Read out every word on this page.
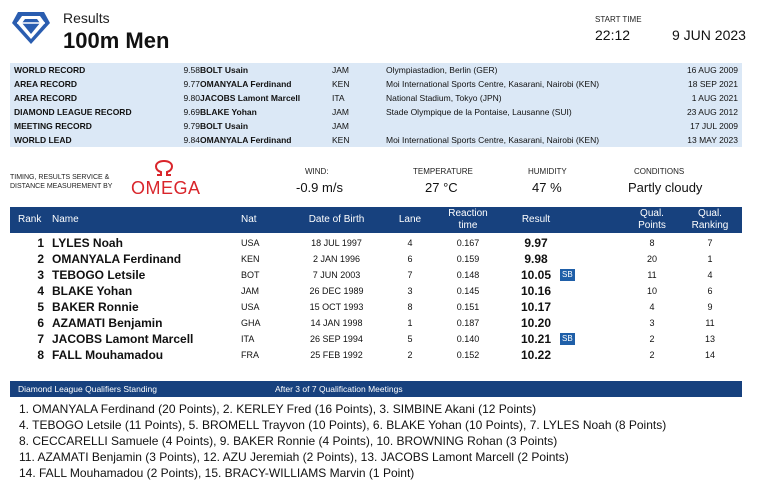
Results
100m Men
START TIME
22:12	9 JUN 2023
WORLD RECORD	9.58 BOLT Usain	JAM	Olympiastadion, Berlin (GER)	16 AUG 2009
AREA RECORD	9.77 OMANYALA Ferdinand	KEN	Moi International Sports Centre, Kasarani, Nairobi (KEN)	18 SEP 2021
AREA RECORD	9.80 JACOBS Lamont Marcell	ITA	National Stadium, Tokyo (JPN)	1 AUG 2021
DIAMOND LEAGUE RECORD	9.69 BLAKE Yohan	JAM	Stade Olympique de la Pontaise, Lausanne (SUI)	23 AUG 2012
MEETING RECORD	9.79 BOLT Usain	JAM	17 JUL 2009
WORLD LEAD	9.84 OMANYALA Ferdinand	KEN	Moi International Sports Centre, Kasarani, Nairobi (KEN)	13 MAY 2023
TIMING, RESULTS SERVICE &
DISTANCE MEASUREMENT BY	OMEGA
WIND:
-0.9 m/s
TEMPERATURE
27 °C
HUMIDITY
47 %
CONDITIONS
Partly cloudy
Rank Name	Nat	Date of Birth	Lane
Reaction
time
Result
Qual.
Points
Qual.
Ranking
1 LYLES Noah	USA	18 JUL 1997	4	0.167	9.97	8	7
2 OMANYALA Ferdinand	KEN	2 JAN 1996	6	0.159	9.98	20	1
3 TEBOGO Letsile	BOT	7 JUN 2003	7	0.148	10.05	SB	11	4
4 BLAKE Yohan	JAM	26 DEC 1989	3	0.145	10.16	10	6
5 BAKER Ronnie	USA	15 OCT 1993	8	0.151	10.17	4	9
6 AZAMATI Benjamin	GHA	14 JAN 1998	1	0.187	10.20	3	11
7 JACOBS Lamont Marcell	ITA	26 SEP 1994	5	0.140	10.21	SB	2	13
8 FALL Mouhamadou	FRA	25 FEB 1992	2	0.152	10.22	2	14
Diamond League Qualifiers Standing	After 3 of 7 Qualification Meetings
1. OMANYALA Ferdinand (20 Points), 2. KERLEY Fred (16 Points), 3. SIMBINE Akani (12 Points)
4. TEBOGO Letsile (11 Points), 5. BROMELL Trayvon (10 Points), 6. BLAKE Yohan (10 Points), 7. LYLES Noah (8 Points)
8. CECCARELLI Samuele (4 Points), 9. BAKER Ronnie (4 Points), 10. BROWNING Rohan (3 Points)
11. AZAMATI Benjamin (3 Points), 12. AZU Jeremiah (2 Points), 13. JACOBS Lamont Marcell (2 Points)
14. FALL Mouhamadou (2 Points), 15. BRACY-WILLIAMS Marvin (1 Point)
